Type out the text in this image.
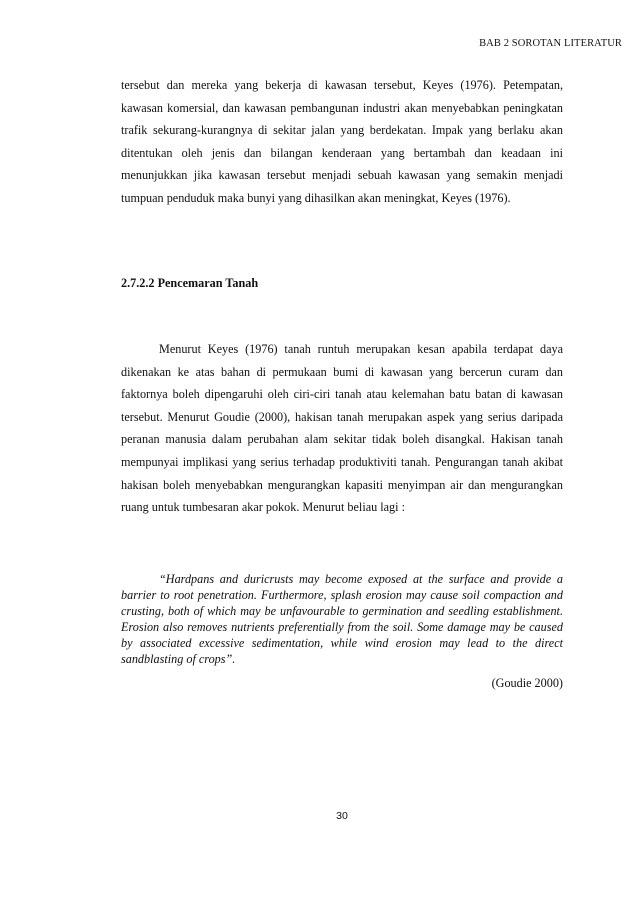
BAB 2 SOROTAN LITERATUR

tersebut dan mereka yang bekerja di kawasan tersebut, Keyes (1976). Petempatan, kawasan komersial, dan kawasan pembangunan industri akan menyebabkan peningkatan trafik sekurang-kurangnya di sekitar jalan yang berdekatan. Impak yang berlaku akan ditentukan oleh jenis dan bilangan kenderaan yang bertambah dan keadaan ini menunjukkan jika kawasan tersebut menjadi sebuah kawasan yang semakin menjadi tumpuan penduduk maka bunyi yang dihasilkan akan meningkat, Keyes (1976).

2.7.2.2 Pencemaran Tanah

Menurut Keyes (1976) tanah runtuh merupakan kesan apabila terdapat daya dikenakan ke atas bahan di permukaan bumi di kawasan yang bercerun curam dan faktornya boleh dipengaruhi oleh ciri-ciri tanah atau kelemahan batu batan di kawasan tersebut. Menurut Goudie (2000), hakisan tanah merupakan aspek yang serius daripada peranan manusia dalam perubahan alam sekitar tidak boleh disangkal. Hakisan tanah mempunyai implikasi yang serius terhadap produktiviti tanah. Pengurangan tanah akibat hakisan boleh menyebabkan mengurangkan kapasiti menyimpan air dan mengurangkan ruang untuk tumbesaran akar pokok. Menurut beliau lagi :

“Hardpans and duricrusts may become exposed at the surface and provide a barrier to root penetration. Furthermore, splash erosion may cause soil compaction and crusting, both of which may be unfavourable to germination and seedling establishment. Erosion also removes nutrients preferentially from the soil. Some damage may be caused by associated excessive sedimentation, while wind erosion may lead to the direct sandblasting of crops”.

(Goudie 2000)
30
